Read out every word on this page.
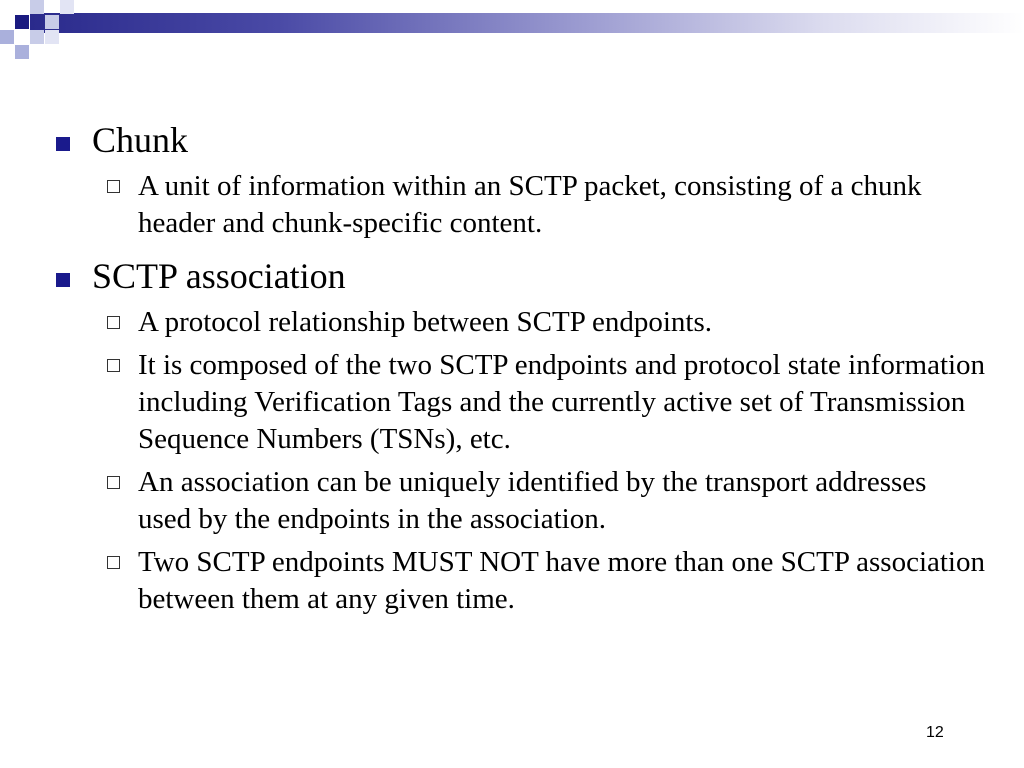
Chunk
A unit of information within an SCTP packet, consisting of a chunk header and chunk-specific content.
SCTP association
A protocol relationship between SCTP endpoints.
It is composed of the two SCTP endpoints and protocol state information including Verification Tags and the currently active set of Transmission Sequence Numbers (TSNs), etc.
An association can be uniquely identified by the transport addresses used by the endpoints in the association.
Two SCTP endpoints MUST NOT have more than one SCTP association between them at any given time.
12
